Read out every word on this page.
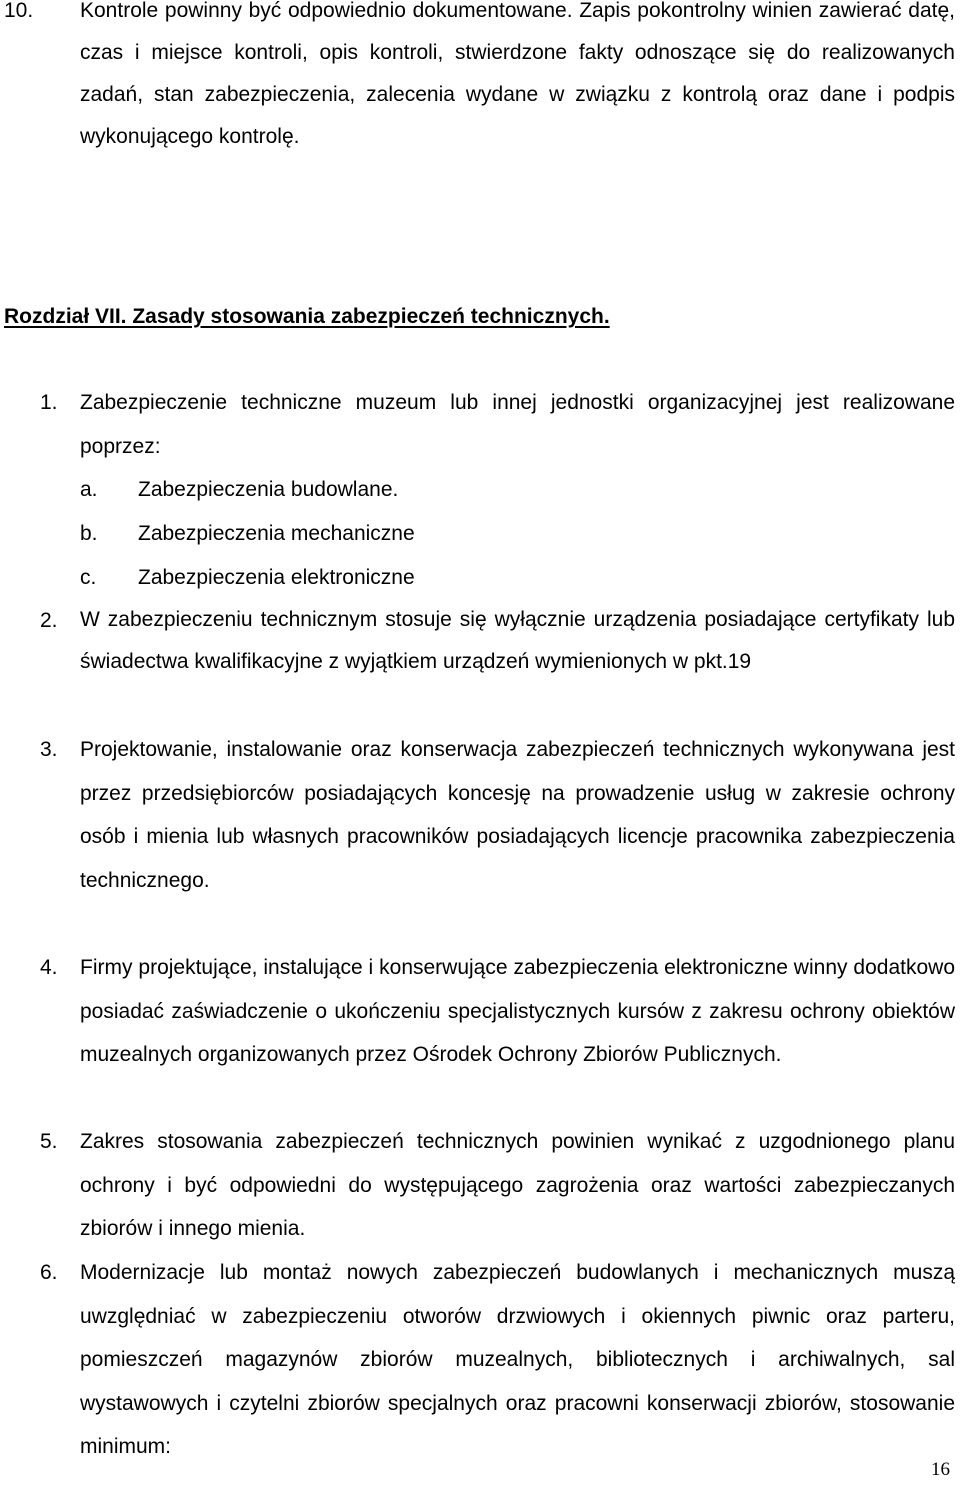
10. Kontrole powinny być odpowiednio dokumentowane. Zapis pokontrolny winien zawierać datę, czas i miejsce kontroli, opis kontroli, stwierdzone fakty odnoszące się do realizowanych zadań, stan zabezpieczenia, zalecenia wydane w związku z kontrolą oraz dane i podpis wykonującego kontrolę.
Rozdział VII. Zasady stosowania zabezpieczeń technicznych.
1. Zabezpieczenie techniczne muzeum lub innej jednostki organizacyjnej jest realizowane poprzez:
a. Zabezpieczenia budowlane.
b. Zabezpieczenia mechaniczne
c. Zabezpieczenia elektroniczne
2. W zabezpieczeniu technicznym stosuje się wyłącznie urządzenia posiadające certyfikaty lub świadectwa kwalifikacyjne z wyjątkiem urządzeń wymienionych w pkt.19
3. Projektowanie, instalowanie oraz konserwacja zabezpieczeń technicznych wykonywana jest przez przedsiębiorców posiadających koncesję na prowadzenie usług w zakresie ochrony osób i mienia lub własnych pracowników posiadających licencje pracownika zabezpieczenia technicznego.
4. Firmy projektujące, instalujące i konserwujące zabezpieczenia elektroniczne winny dodatkowo posiadać zaświadczenie o ukończeniu specjalistycznych kursów z zakresu ochrony obiektów muzealnych organizowanych przez Ośrodek Ochrony Zbiorów Publicznych.
5. Zakres stosowania zabezpieczeń technicznych powinien wynikać z uzgodnionego planu ochrony i być odpowiedni do występującego zagrożenia oraz wartości zabezpieczanych zbiorów i innego mienia.
6. Modernizacje lub montaż nowych zabezpieczeń budowlanych i mechanicznych muszą uwzględniać w zabezpieczeniu otworów drzwiowych i okiennych piwnic oraz parteru, pomieszczeń magazynów zbiorów muzealnych, bibliotecznych i archiwalnych, sal wystawowych i czytelni zbiorów specjalnych oraz pracowni konserwacji zbiorów, stosowanie minimum:
16
